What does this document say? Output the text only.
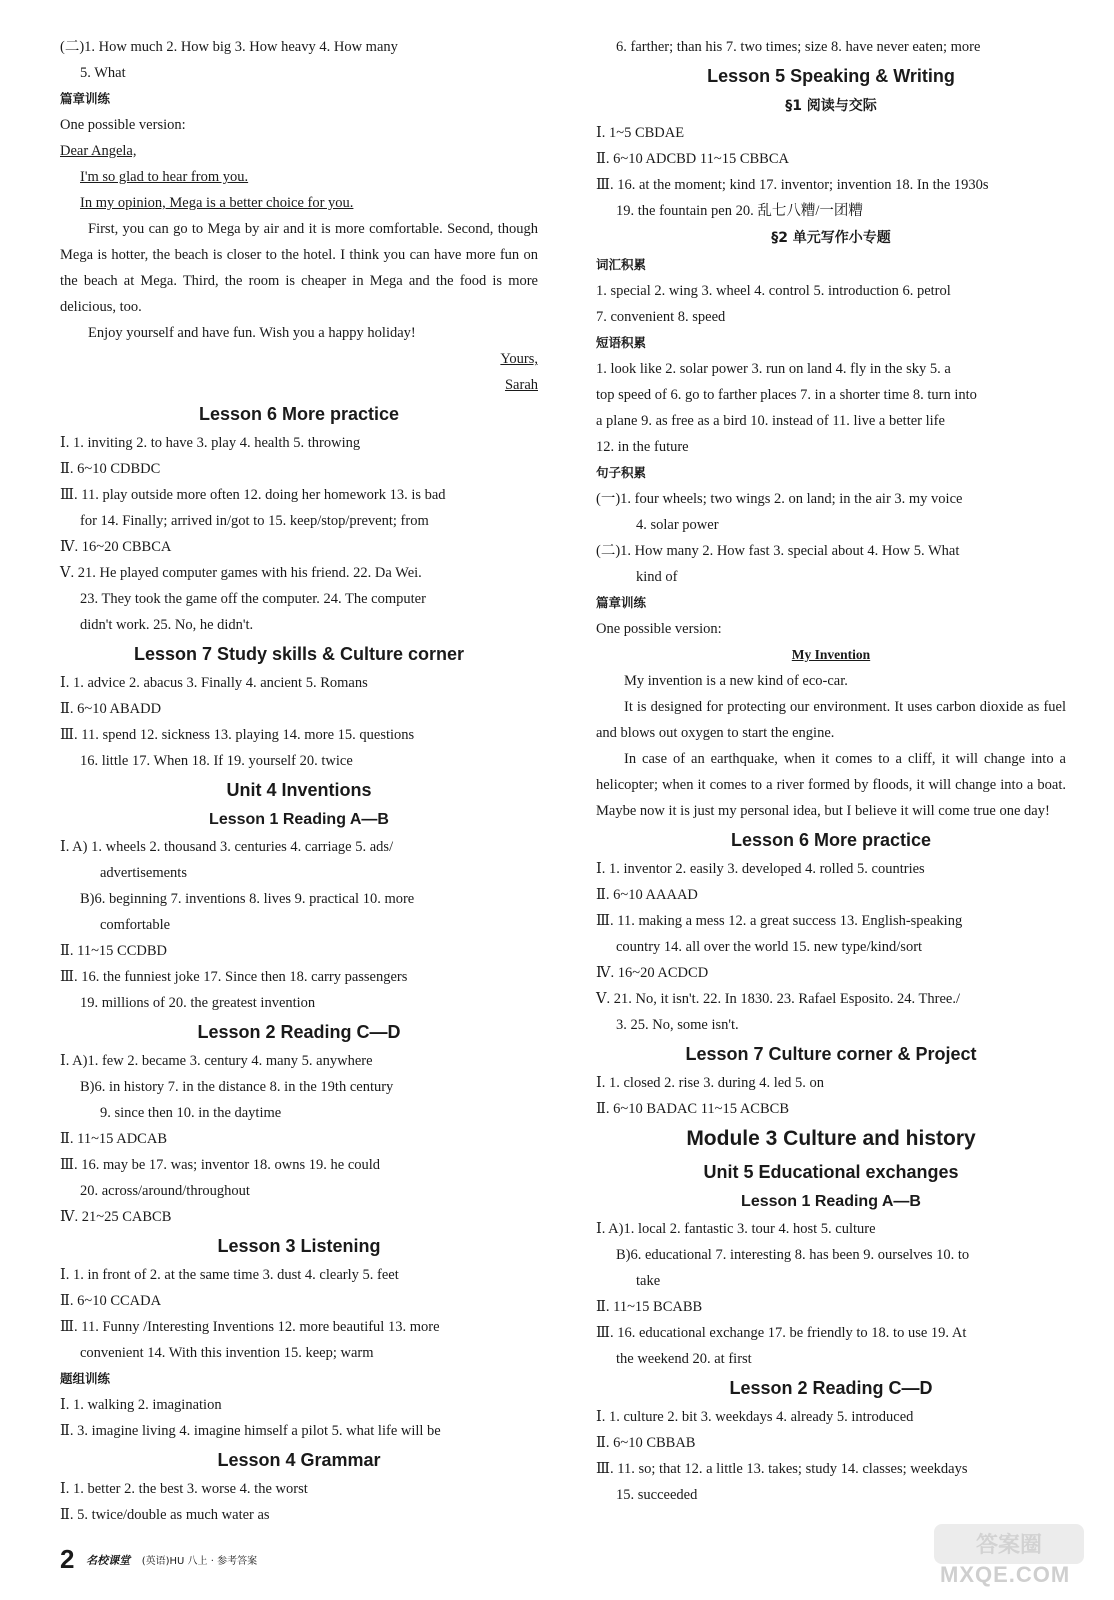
(二)1. How much 2. How big 3. How heavy 4. How many
5. What
篇章训练
One possible version:
Dear Angela,
I'm so glad to hear from you.
In my opinion, Mega is a better choice for you.
First, you can go to Mega by air and it is more comfortable. Second, though Mega is hotter, the beach is closer to the hotel. I think you can have more fun on the beach at Mega. Third, the room is cheaper in Mega and the food is more delicious, too.
Enjoy yourself and have fun. Wish you a happy holiday!
Yours,
Sarah
Lesson 6 More practice
Ⅰ. 1. inviting 2. to have 3. play 4. health 5. throwing
Ⅱ. 6~10 CDBDC
Ⅲ. 11. play outside more often 12. doing her homework 13. is bad
for 14. Finally; arrived in/got to 15. keep/stop/prevent; from
Ⅳ. 16~20 CBBCA
Ⅴ. 21. He played computer games with his friend. 22. Da Wei.
23. They took the game off the computer. 24. The computer
didn't work. 25. No, he didn't.
Lesson 7 Study skills & Culture corner
Ⅰ. 1. advice 2. abacus 3. Finally 4. ancient 5. Romans
Ⅱ. 6~10 ABADD
Ⅲ. 11. spend 12. sickness 13. playing 14. more 15. questions
16. little 17. When 18. If 19. yourself 20. twice
Unit 4 Inventions
Lesson 1 Reading A—B
Ⅰ. A) 1. wheels 2. thousand 3. centuries 4. carriage 5. ads/
advertisements
B)6. beginning 7. inventions 8. lives 9. practical 10. more
comfortable
Ⅱ. 11~15 CCDBD
Ⅲ. 16. the funniest joke 17. Since then 18. carry passengers
19. millions of 20. the greatest invention
Lesson 2 Reading C—D
Ⅰ. A)1. few 2. became 3. century 4. many 5. anywhere
B)6. in history 7. in the distance 8. in the 19th century
9. since then 10. in the daytime
Ⅱ. 11~15 ADCAB
Ⅲ. 16. may be 17. was; inventor 18. owns 19. he could
20. across/around/throughout
Ⅳ. 21~25 CABCB
Lesson 3 Listening
Ⅰ. 1. in front of 2. at the same time 3. dust 4. clearly 5. feet
Ⅱ. 6~10 CCADA
Ⅲ. 11. Funny /Interesting Inventions 12. more beautiful 13. more
convenient 14. With this invention 15. keep; warm
题组训练
Ⅰ. 1. walking 2. imagination
Ⅱ. 3. imagine living 4. imagine himself a pilot 5. what life will be
Lesson 4 Grammar
Ⅰ. 1. better 2. the best 3. worse 4. the worst
Ⅱ. 5. twice/double as much water as
6. farther; than his 7. two times; size 8. have never eaten; more
Lesson 5 Speaking & Writing
§1 阅读与交际
Ⅰ. 1~5 CBDAE
Ⅱ. 6~10 ADCBD 11~15 CBBCA
Ⅲ. 16. at the moment; kind 17. inventor; invention 18. In the 1930s
19. the fountain pen 20. 乱七八糟/一团糟
§2 单元写作小专题
词汇积累
1. special 2. wing 3. wheel 4. control 5. introduction 6. petrol
7. convenient 8. speed
短语积累
1. look like 2. solar power 3. run on land 4. fly in the sky 5. a
top speed of 6. go to farther places 7. in a shorter time 8. turn into
a plane 9. as free as a bird 10. instead of 11. live a better life
12. in the future
句子积累
(一)1. four wheels; two wings 2. on land; in the air 3. my voice
4. solar power
(二)1. How many 2. How fast 3. special about 4. How 5. What
kind of
篇章训练
One possible version:
My Invention
My invention is a new kind of eco-car.
It is designed for protecting our environment. It uses carbon dioxide as fuel and blows out oxygen to start the engine.
In case of an earthquake, when it comes to a cliff, it will change into a helicopter; when it comes to a river formed by floods, it will change into a boat. Maybe now it is just my personal idea, but I believe it will come true one day!
Lesson 6 More practice
Ⅰ. 1. inventor 2. easily 3. developed 4. rolled 5. countries
Ⅱ. 6~10 AAAAD
Ⅲ. 11. making a mess 12. a great success 13. English-speaking
country 14. all over the world 15. new type/kind/sort
Ⅳ. 16~20 ACDCD
Ⅴ. 21. No, it isn't. 22. In 1830. 23. Rafael Esposito. 24. Three./
3. 25. No, some isn't.
Lesson 7 Culture corner & Project
Ⅰ. 1. closed 2. rise 3. during 4. led 5. on
Ⅱ. 6~10 BADAC 11~15 ACBCB
Module 3 Culture and history
Unit 5 Educational exchanges
Lesson 1 Reading A—B
Ⅰ. A)1. local 2. fantastic 3. tour 4. host 5. culture
B)6. educational 7. interesting 8. has been 9. ourselves 10. to
take
Ⅱ. 11~15 BCABB
Ⅲ. 16. educational exchange 17. be friendly to 18. to use 19. At
the weekend 20. at first
Lesson 2 Reading C—D
Ⅰ. 1. culture 2. bit 3. weekdays 4. already 5. introduced
Ⅱ. 6~10 CBBAB
Ⅲ. 11. so; that 12. a little 13. takes; study 14. classes; weekdays
15. succeeded
2 名校课堂 (英语)HU 八上 · 参考答案
答案圈
MXQE.COM
